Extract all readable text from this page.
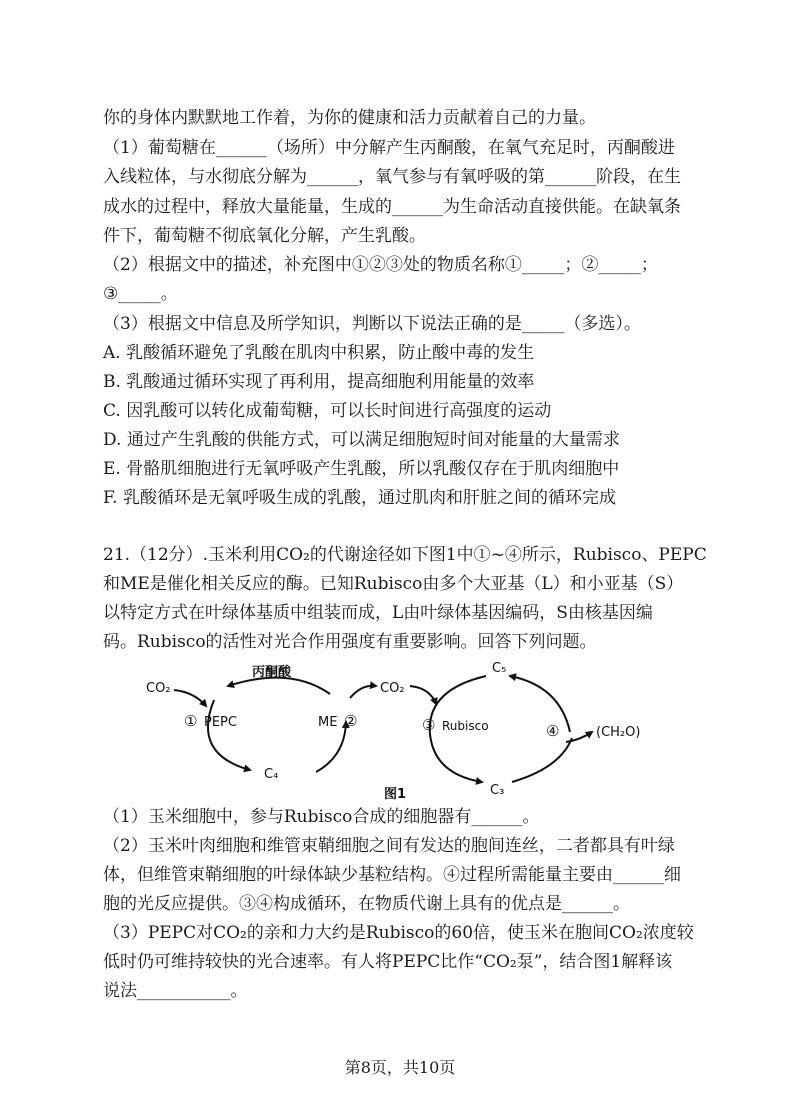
你的身体内默默地工作着，为你的健康和活力贡献着自己的力量。
（1）葡萄糖在______（场所）中分解产生丙酮酸，在氧气充足时，丙酮酸进
入线粒体，与水彻底分解为______，氧气参与有氧呼吸的第______阶段，在生
成水的过程中，释放大量能量，生成的______为生命活动直接供能。在缺氧条
件下，葡萄糖不彻底氧化分解，产生乳酸。
（2）根据文中的描述，补充图中①②③处的物质名称①_____；②_____；
③_____。
（3）根据文中信息及所学知识，判断以下说法正确的是_____（多选）。
A. 乳酸循环避免了乳酸在肌肉中积累，防止酸中毒的发生
B. 乳酸通过循环实现了再利用，提高细胞利用能量的效率
C. 因乳酸可以转化成葡萄糖，可以长时间进行高强度的运动
D. 通过产生乳酸的供能方式，可以满足细胞短时间对能量的大量需求
E. 骨骼肌细胞进行无氧呼吸产生乳酸，所以乳酸仅存在于肌肉细胞中
F. 乳酸循环是无氧呼吸生成的乳酸，通过肌肉和肝脏之间的循环完成
21.（12分）.玉米利用CO₂的代谢途径如下图1中①~④所示，Rubisco、PEPC
和ME是催化相关反应的酶。已知Rubisco由多个大亚基（L）和小亚基（S）
以特定方式在叶绿体基质中组装而成，L由叶绿体基因编码，S由核基因编
码。Rubisco的活性对光合作用强度有重要影响。回答下列问题。
丙酮酸
CO₂
① PEPC	ME ②
C₄
CO₂
③ Rubisco
C₅
C₃
④	(CH₂O)
图1
（1）玉米细胞中，参与Rubisco合成的细胞器有______。
（2）玉米叶肉细胞和维管束鞘细胞之间有发达的胞间连丝，二者都具有叶绿
体，但维管束鞘细胞的叶绿体缺少基粒结构。④过程所需能量主要由______细
胞的光反应提供。③④构成循环，在物质代谢上具有的优点是______。
（3）PEPC对CO₂的亲和力大约是Rubisco的60倍，使玉米在胞间CO₂浓度较
低时仍可维持较快的光合速率。有人将PEPC比作“CO₂泵”，结合图1解释该
说法___________。
第8页，共10页
